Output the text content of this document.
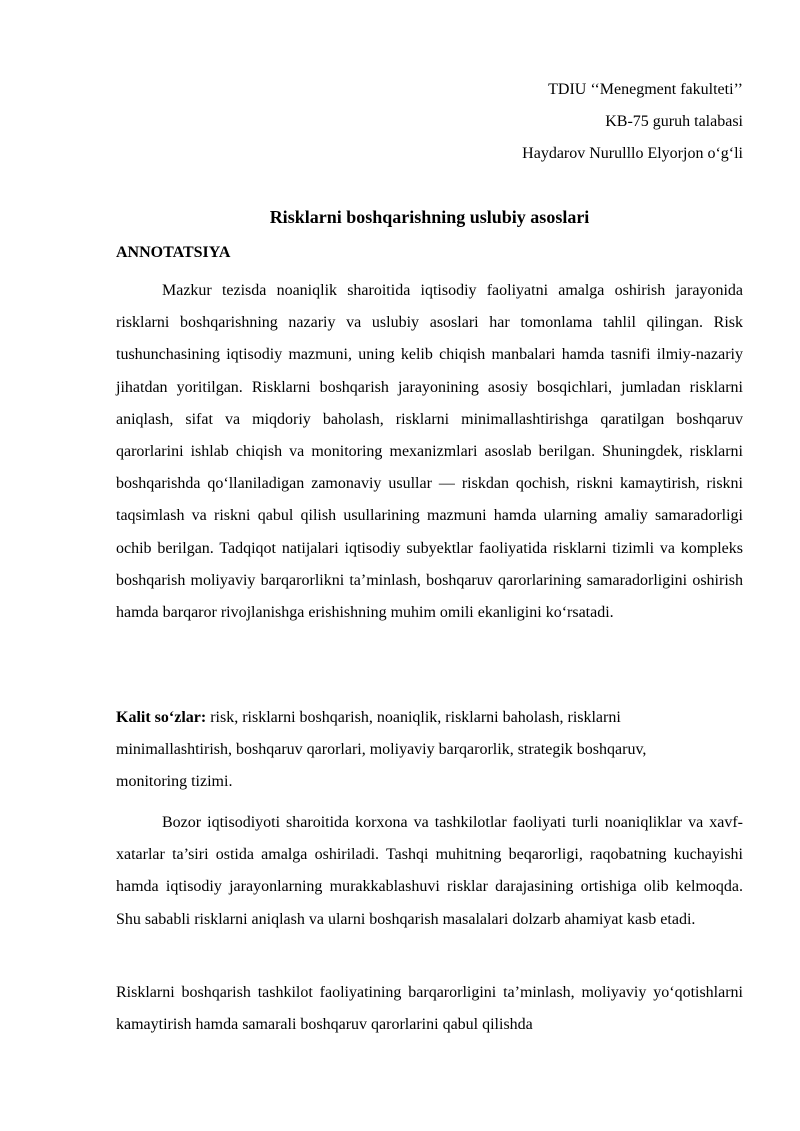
TDIU ‘‘Menegment fakulteti’’
KB-75 guruh talabasi
Haydarov Nurulllo Elyorjon o‘g‘li
Risklarni boshqarishning uslubiy asoslari
ANNOTATSIYA

Mazkur tezisda noaniqlik sharoitida iqtisodiy faoliyatni amalga oshirish jarayonida risklarni boshqarishning nazariy va uslubiy asoslari har tomonlama tahlil qilingan. Risk tushunchasining iqtisodiy mazmuni, uning kelib chiqish manbalari hamda tasnifi ilmiy-nazariy jihatdan yoritilgan. Risklarni boshqarish jarayonining asosiy bosqichlari, jumladan risklarni aniqlash, sifat va miqdoriy baholash, risklarni minimallashtirishga qaratilgan boshqaruv qarorlarini ishlab chiqish va monitoring mexanizmlari asoslab berilgan. Shuningdek, risklarni boshqarishda qo‘llaniladigan zamonaviy usullar — riskdan qochish, riskni kamaytirish, riskni taqsimlash va riskni qabul qilish usullarining mazmuni hamda ularning amaliy samaradorligi ochib berilgan. Tadqiqot natijalari iqtisodiy subyektlar faoliyatida risklarni tizimli va kompleks boshqarish moliyaviy barqarorlikni ta’minlash, boshqaruv qarorlarining samaradorligini oshirish hamda barqaror rivojlanishga erishishning muhim omili ekanligini ko‘rsatadi.

Kalit so‘zlar: risk, risklarni boshqarish, noaniqlik, risklarni baholash, risklarni minimallashtirish, boshqaruv qarorlari, moliyaviy barqarorlik, strategik boshqaruv, monitoring tizimi.

Bozor iqtisodiyoti sharoitida korxona va tashkilotlar faoliyati turli noaniqliklar va xavf-xatarlar ta’siri ostida amalga oshiriladi. Tashqi muhitning beqarorligi, raqobatning kuchayishi hamda iqtisodiy jarayonlarning murakkablashuvi risklar darajasining ortishiga olib kelmoqda. Shu sababli risklarni aniqlash va ularni boshqarish masalalari dolzarb ahamiyat kasb etadi.

Risklarni boshqarish tashkilot faoliyatining barqarorligini ta’minlash, moliyaviy yo‘qotishlarni kamaytirish hamda samarali boshqaruv qarorlarini qabul qilishda
